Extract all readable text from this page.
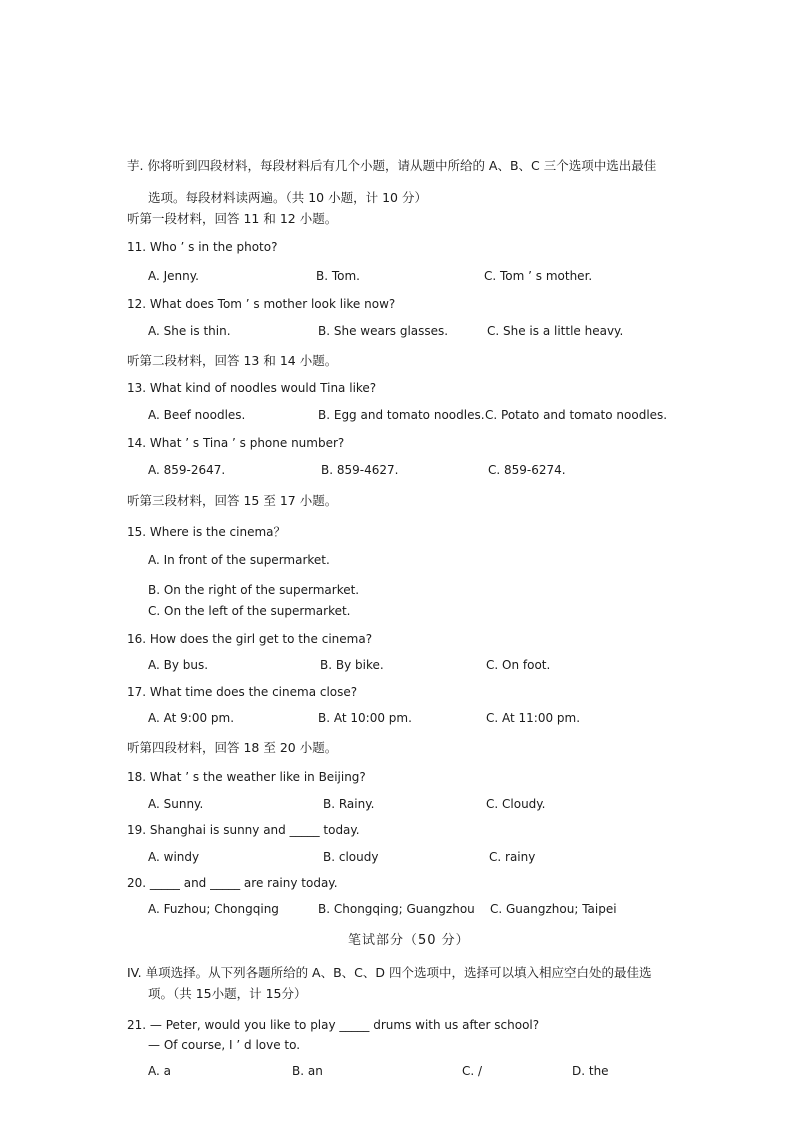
芋. 你将听到四段材料，每段材料后有几个小题，请从题中所给的 A、B、C 三个选项中选出最佳
选项。每段材料读两遍。（共 10 小题，计 10 分）
听第一段材料，回答 11 和 12 小题。
11. Who ’ s in the photo?
A. Jenny.	B. Tom.	C. Tom ’ s mother.
12. What does Tom ’ s mother look like now?
A. She is thin.	B. She wears glasses.	C. She is a little heavy.
听第二段材料，回答 13 和 14 小题。
13. What kind of noodles would Tina like?
A. Beef noodles.	B. Egg and tomato noodles. C. Potato and tomato noodles.
14. What ’ s Tina ’ s phone number?
A. 859-2647.	B. 859-4627.	C. 859-6274.
听第三段材料，回答 15 至 17 小题。
15. Where is the cinema？
A. In front of the supermarket.
B. On the right of the supermarket.
C. On the left of the supermarket.
16. How does the girl get to the cinema?
A. By bus.	B. By bike.	C. On foot.
17. What time does the cinema close?
A. At 9:00 pm.	B. At 10:00 pm.	C. At 11:00 pm.
听第四段材料，回答 18 至 20 小题。
18. What ’ s the weather like in Beijing?
A. Sunny.	B. Rainy.	C. Cloudy.
19. Shanghai is sunny and _____ today.
A. windy	B. cloudy	C. rainy
20. _____ and _____ are rainy today.
A. Fuzhou; Chongqing	B. Chongqing; Guangzhou C. Guangzhou; Taipei
笔试部分（50 分）
IV. 单项选择。从下列各题所给的 A、B、C、D 四个选项中，选择可以填入相应空白处的最佳选
项。（共 15小题，计 15分）
21. — Peter, would you like to play _____ drums with us after school?
— Of course, I ’ d love to.
A. a	B. an	C. /	D. the
